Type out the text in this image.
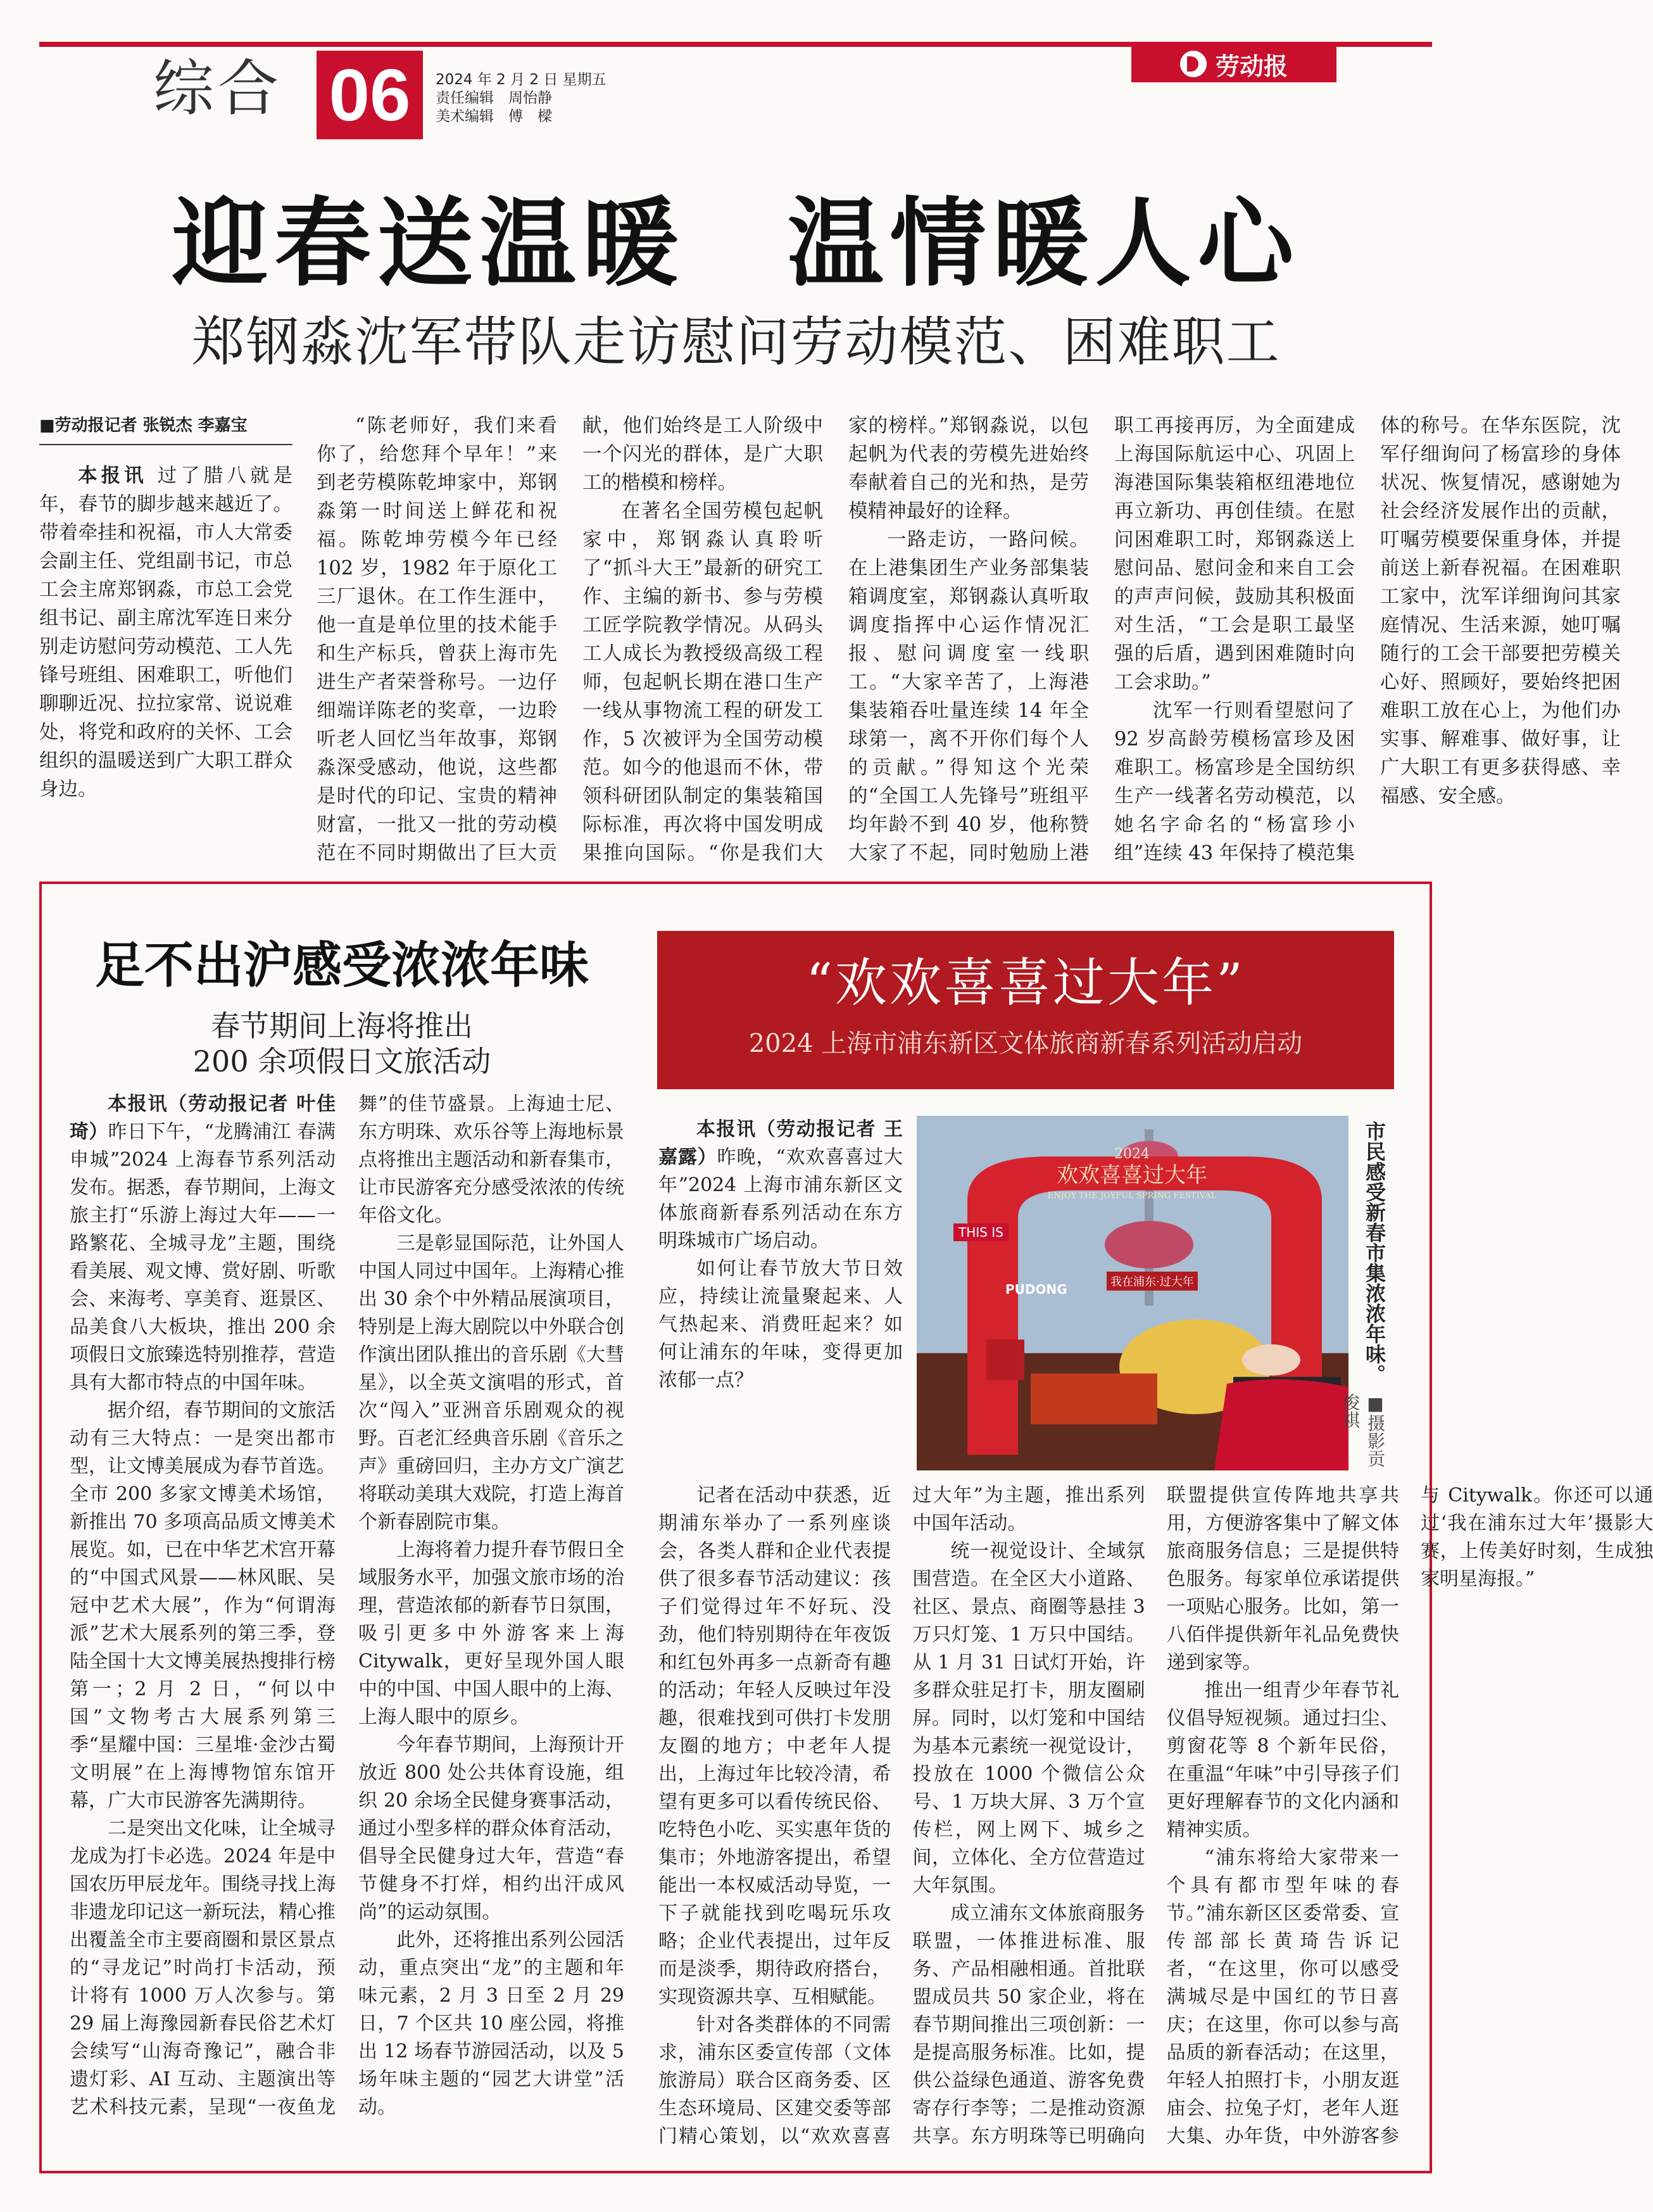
综合 06	2024 年 2 月 2 日 星期五
责任编辑　周怡静
美术编辑　傅　樑
劳动报
迎春送温暖　温情暖人心
郑钢淼沈军带队走访慰问劳动模范、困难职工
■劳动报记者 张锐杰 李嘉宝

本报讯 过了腊八就是年，春节的脚步越来越近了。带着牵挂和祝福，市人大常委会副主任、党组副书记，市总工会主席郑钢淼，市总工会党组书记、副主席沈军连日来分别走访慰问劳动模范、工人先锋号班组、困难职工，听他们聊聊近况、拉拉家常、说说难处，将党和政府的关怀、工会组织的温暖送到广大职工群众身边。

“陈老师好，我们来看你了，给您拜个早年！”来到老劳模陈乾坤家中，郑钢淼第一时间送上鲜花和祝福。陈乾坤劳模今年已经 102 岁，1982 年于原化工三厂退休。在工作生涯中，他一直是单位里的技术能手和生产标兵，曾获上海市先进生产者荣誉称号。一边仔细端详陈老的奖章，一边聆听老人回忆当年故事，郑钢淼深受感动，他说，这些都是时代的印记、宝贵的精神财富，一批又一批的劳动模范在不同时期做出了巨大贡献，他们始终是工人阶级中一个闪光的群体，是广大职工的楷模和榜样。

在著名全国劳模包起帆家中，郑钢淼认真聆听了“抓斗大王”最新的研究工作、主编的新书、参与劳模工匠学院教学情况。从码头工人成长为教授级高级工程师，包起帆长期在港口生产一线从事物流工程的研发工作，5 次被评为全国劳动模范。如今的他退而不休，带领科研团队制定的集装箱国际标准，再次将中国发明成果推向国际。“你是我们大家的榜样。”郑钢淼说，以包起帆为代表的劳模先进始终奉献着自己的光和热，是劳模精神最好的诠释。

一路走访，一路问候。在上港集团生产业务部集装箱调度室，郑钢淼认真听取调度指挥中心运作情况汇报、慰问调度室一线职工。“大家辛苦了，上海港集装箱吞吐量连续 14 年全球第一，离不开你们每个人的贡献。”得知这个光荣的“全国工人先锋号”班组平均年龄不到 40 岁，他称赞大家了不起，同时勉励上港职工再接再厉，为全面建成上海国际航运中心、巩固上海港国际集装箱枢纽港地位再立新功、再创佳绩。在慰问困难职工时，郑钢淼送上慰问品、慰问金和来自工会的声声问候，鼓励其积极面对生活，“工会是职工最坚强的后盾，遇到困难随时向工会求助。”

沈军一行则看望慰问了 92 岁高龄劳模杨富珍及困难职工。杨富珍是全国纺织生产一线著名劳动模范，以她名字命名的“杨富珍小组”连续 43 年保持了模范集体的称号。在华东医院，沈军仔细询问了杨富珍的身体状况、恢复情况，感谢她为社会经济发展作出的贡献，叮嘱劳模要保重身体，并提前送上新春祝福。在困难职工家中，沈军详细询问其家庭情况、生活来源，她叮嘱随行的工会干部要把劳模关心好、照顾好，要始终把困难职工放在心上，为他们办实事、解难事、做好事，让广大职工有更多获得感、幸福感、安全感。

足不出沪感受浓浓年味
春节期间上海将推出
200 余项假日文旅活动

本报讯（劳动报记者 叶佳琦）昨日下午，“龙腾浦江 春满申城”2024 上海春节系列活动发布。据悉，春节期间，上海文旅主打“乐游上海过大年——一路繁花、全城寻龙”主题，围绕看美展、观文博、赏好剧、听歌会、来海考、享美育、逛景区、品美食八大板块，推出 200 余项假日文旅臻选特别推荐，营造具有大都市特点的中国年味。

据介绍，春节期间的文旅活动有三大特点：一是突出都市型，让文博美展成为春节首选。全市 200 多家文博美术场馆，新推出 70 多项高品质文博美术展览。如，已在中华艺术宫开幕的“中国式风景——林风眠、吴冠中艺术大展”，作为“何谓海派”艺术大展系列的第三季，登陆全国十大文博美展热搜排行榜第一；2 月 2 日，“何以中国”文物考古大展系列第三季“星耀中国：三星堆·金沙古蜀文明展”在上海博物馆东馆开幕，广大市民游客先满期待。

二是突出文化味，让全城寻龙成为打卡必选。2024 年是中国农历甲辰龙年。围绕寻找上海非遗龙印记这一新玩法，精心推出覆盖全市主要商圈和景区景点的“寻龙记”时尚打卡活动，预计将有 1000 万人次参与。第 29 届上海豫园新春民俗艺术灯会续写“山海奇豫记”，融合非遗灯彩、AI 互动、主题演出等艺术科技元素，呈现“一夜鱼龙舞”的佳节盛景。上海迪士尼、东方明珠、欢乐谷等上海地标景点将推出主题活动和新春集市，让市民游客充分感受浓浓的传统年俗文化。

三是彰显国际范，让外国人中国人同过中国年。上海精心推出 30 余个中外精品展演项目，特别是上海大剧院以中外联合创作演出团队推出的音乐剧《大彗星》，以全英文演唱的形式，首次“闯入”亚洲音乐剧观众的视野。百老汇经典音乐剧《音乐之声》重磅回归，主办方文广演艺将联动美琪大戏院，打造上海首个新春剧院市集。

上海将着力提升春节假日全域服务水平，加强文旅市场的治理，营造浓郁的新春节日氛围，吸引更多中外游客来上海 Citywalk，更好呈现外国人眼中的中国、中国人眼中的上海、上海人眼中的原乡。

今年春节期间，上海预计开放近 800 处公共体育设施，组织 20 余场全民健身赛事活动，通过小型多样的群众体育活动，倡导全民健身过大年，营造“春节健身不打烊，相约出汗成风尚”的运动氛围。

此外，还将推出系列公园活动，重点突出“龙”的主题和年味元素，2 月 3 日至 2 月 29 日，7 个区共 10 座公园，将推出 12 场春节游园活动，以及 5 场年味主题的“园艺大讲堂”活动。

“欢欢喜喜过大年”
2024 上海市浦东新区文体旅商新春系列活动启动

本报讯（劳动报记者 王嘉露）昨晚，“欢欢喜喜过大年”2024 上海市浦东新区文体旅商新春系列活动在东方明珠城市广场启动。

如何让春节放大节日效应，持续让流量聚起来、人气热起来、消费旺起来？如何让浦东的年味，变得更加浓郁一点？

记者在活动中获悉，近期浦东举办了一系列座谈会，各类人群和企业代表提供了很多春节活动建议：孩子们觉得过年不好玩、没劲，他们特别期待在年夜饭和红包外再多一点新奇有趣的活动；年轻人反映过年没趣，很难找到可供打卡发朋友圈的地方；中老年人提出，上海过年比较冷清，希望有更多可以看传统民俗、吃特色小吃、买实惠年货的集市；外地游客提出，希望能出一本权威活动导览，一下子就能找到吃喝玩乐攻略；企业代表提出，过年反而是淡季，期待政府搭台，实现资源共享、互相赋能。

针对各类群体的不同需求，浦东区委宣传部（文体旅游局）联合区商务委、区生态环境局、区建交委等部门精心策划，以“欢欢喜喜过大年”为主题，推出系列中国年活动。

统一视觉设计、全域氛围营造。在全区大小道路、社区、景点、商圈等悬挂 3 万只灯笼、1 万只中国结。从 1 月 31 日试灯开始，许多群众驻足打卡，朋友圈刷屏。同时，以灯笼和中国结为基本元素统一视觉设计，投放在 1000 个微信公众号、1 万块大屏、3 万个宣传栏，网上网下、城乡之间，立体化、全方位营造过大年氛围。

成立浦东文体旅商服务联盟，一体推进标准、服务、产品相融相通。首批联盟成员共 50 家企业，将在春节期间推出三项创新：一是提高服务标准。比如，提供公益绿色通道、游客免费寄存行李等；二是推动资源共享。东方明珠等已明确向联盟提供宣传阵地共享共用，方便游客集中了解文体旅商服务信息；三是提供特色服务。每家单位承诺提供一项贴心服务。比如，第一八佰伴提供新年礼品免费快递到家等。

推出一组青少年春节礼仪倡导短视频。通过扫尘、剪窗花等 8 个新年民俗，在重温“年味”中引导孩子们更好理解春节的文化内涵和精神实质。

“浦东将给大家带来一个具有都市型年味的春节。”浦东新区区委常委、宣传部部长黄琦告诉记者，“在这里，你可以感受满城尽是中国红的节日喜庆；在这里，你可以参与高品质的新春活动；在这里，年轻人拍照打卡，小朋友逛庙会、拉兔子灯，老年人逛大集、办年货，中外游客参与 Citywalk。你还可以通过‘我在浦东过大年’摄影大赛，上传美好时刻，生成独家明星海报。”

2024
欢欢喜喜过大年
ENJOY THE JOYFUL SPRING FESTIVAL
THIS IS
PUDONG	我在浦东·过大年	市民感受新春市集浓浓年味。
■摄影贡俊祺
